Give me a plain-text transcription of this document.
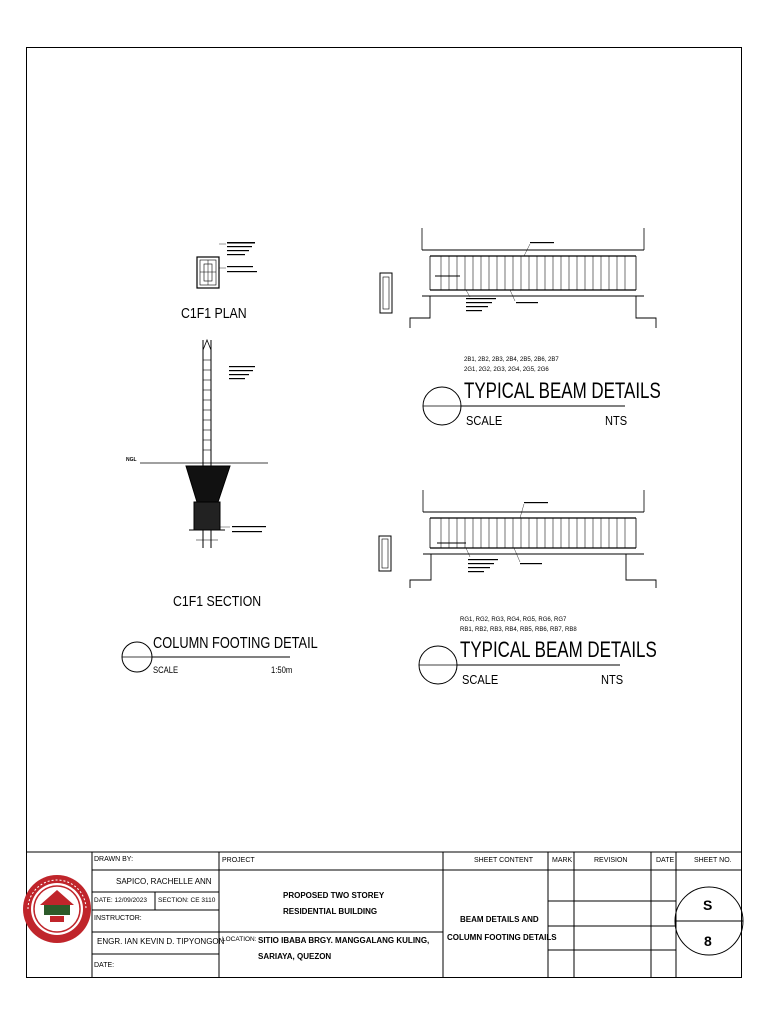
C1F1 PLAN
NGL
C1F1 SECTION
COLUMN FOOTING DETAIL
SCALE	1:50m
2B1, 2B2, 2B3, 2B4, 2B5, 2B6, 2B7
2G1, 2G2, 2G3, 2G4, 2G5, 2G6
TYPICAL BEAM DETAILS
SCALE	NTS
RG1, RG2, RG3, RG4, RG5, RG6, RG7
RB1, RB2, RB3, RB4, RB5, RB6, RB7, RB8
TYPICAL BEAM DETAILS
SCALE	NTS
DRAWN BY:
SAPICO, RACHELLE ANN
DATE: 12/09/2023 SECTION: CE 3110
INSTRUCTOR:
ENGR. IAN KEVIN D. TIPYONGON
DATE:
PROJECT
PROPOSED TWO STOREY
RESIDENTIAL BUILDING
LOCATION: SITIO IBABA BRGY. MANGGALANG KULING,
SARIAYA, QUEZON
SHEET CONTENT
BEAM DETAILS AND
COLUMN FOOTING DETAILS
MARK	REVISION	DATE	SHEET NO.
S
8
